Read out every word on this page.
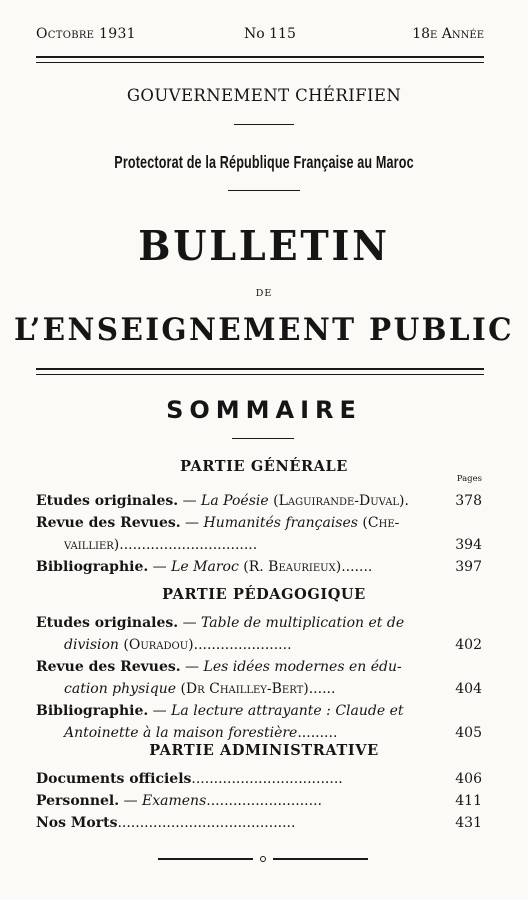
Octobre 1931	No 115	18e Année
GOUVERNEMENT CHÉRIFIEN
Protectorat de la République Française au Maroc
BULLETIN
DE
L’ENSEIGNEMENT PUBLIC
SOMMAIRE
PARTIE GÉNÉRALE
Pages
Etudes originales. — La Poésie (Laguirande-Duval).	378
Revue des Revues. — Humanités françaises (Che-
vaillier)...............................	394
Bibliographie. — Le Maroc (R. Beaurieux).......	397
PARTIE PÉDAGOGIQUE
Etudes originales. — Table de multiplication et de
division (Ouradou)......................	402
Revue des Revues. — Les idées modernes en édu-
cation physique (Dr Chailley-Bert)......	404
Bibliographie. — La lecture attrayante : Claude et
Antoinette à la maison forestière.........	405
PARTIE ADMINISTRATIVE
Documents officiels..................................	406
Personnel. — Examens..........................	411
Nos Morts........................................	431
